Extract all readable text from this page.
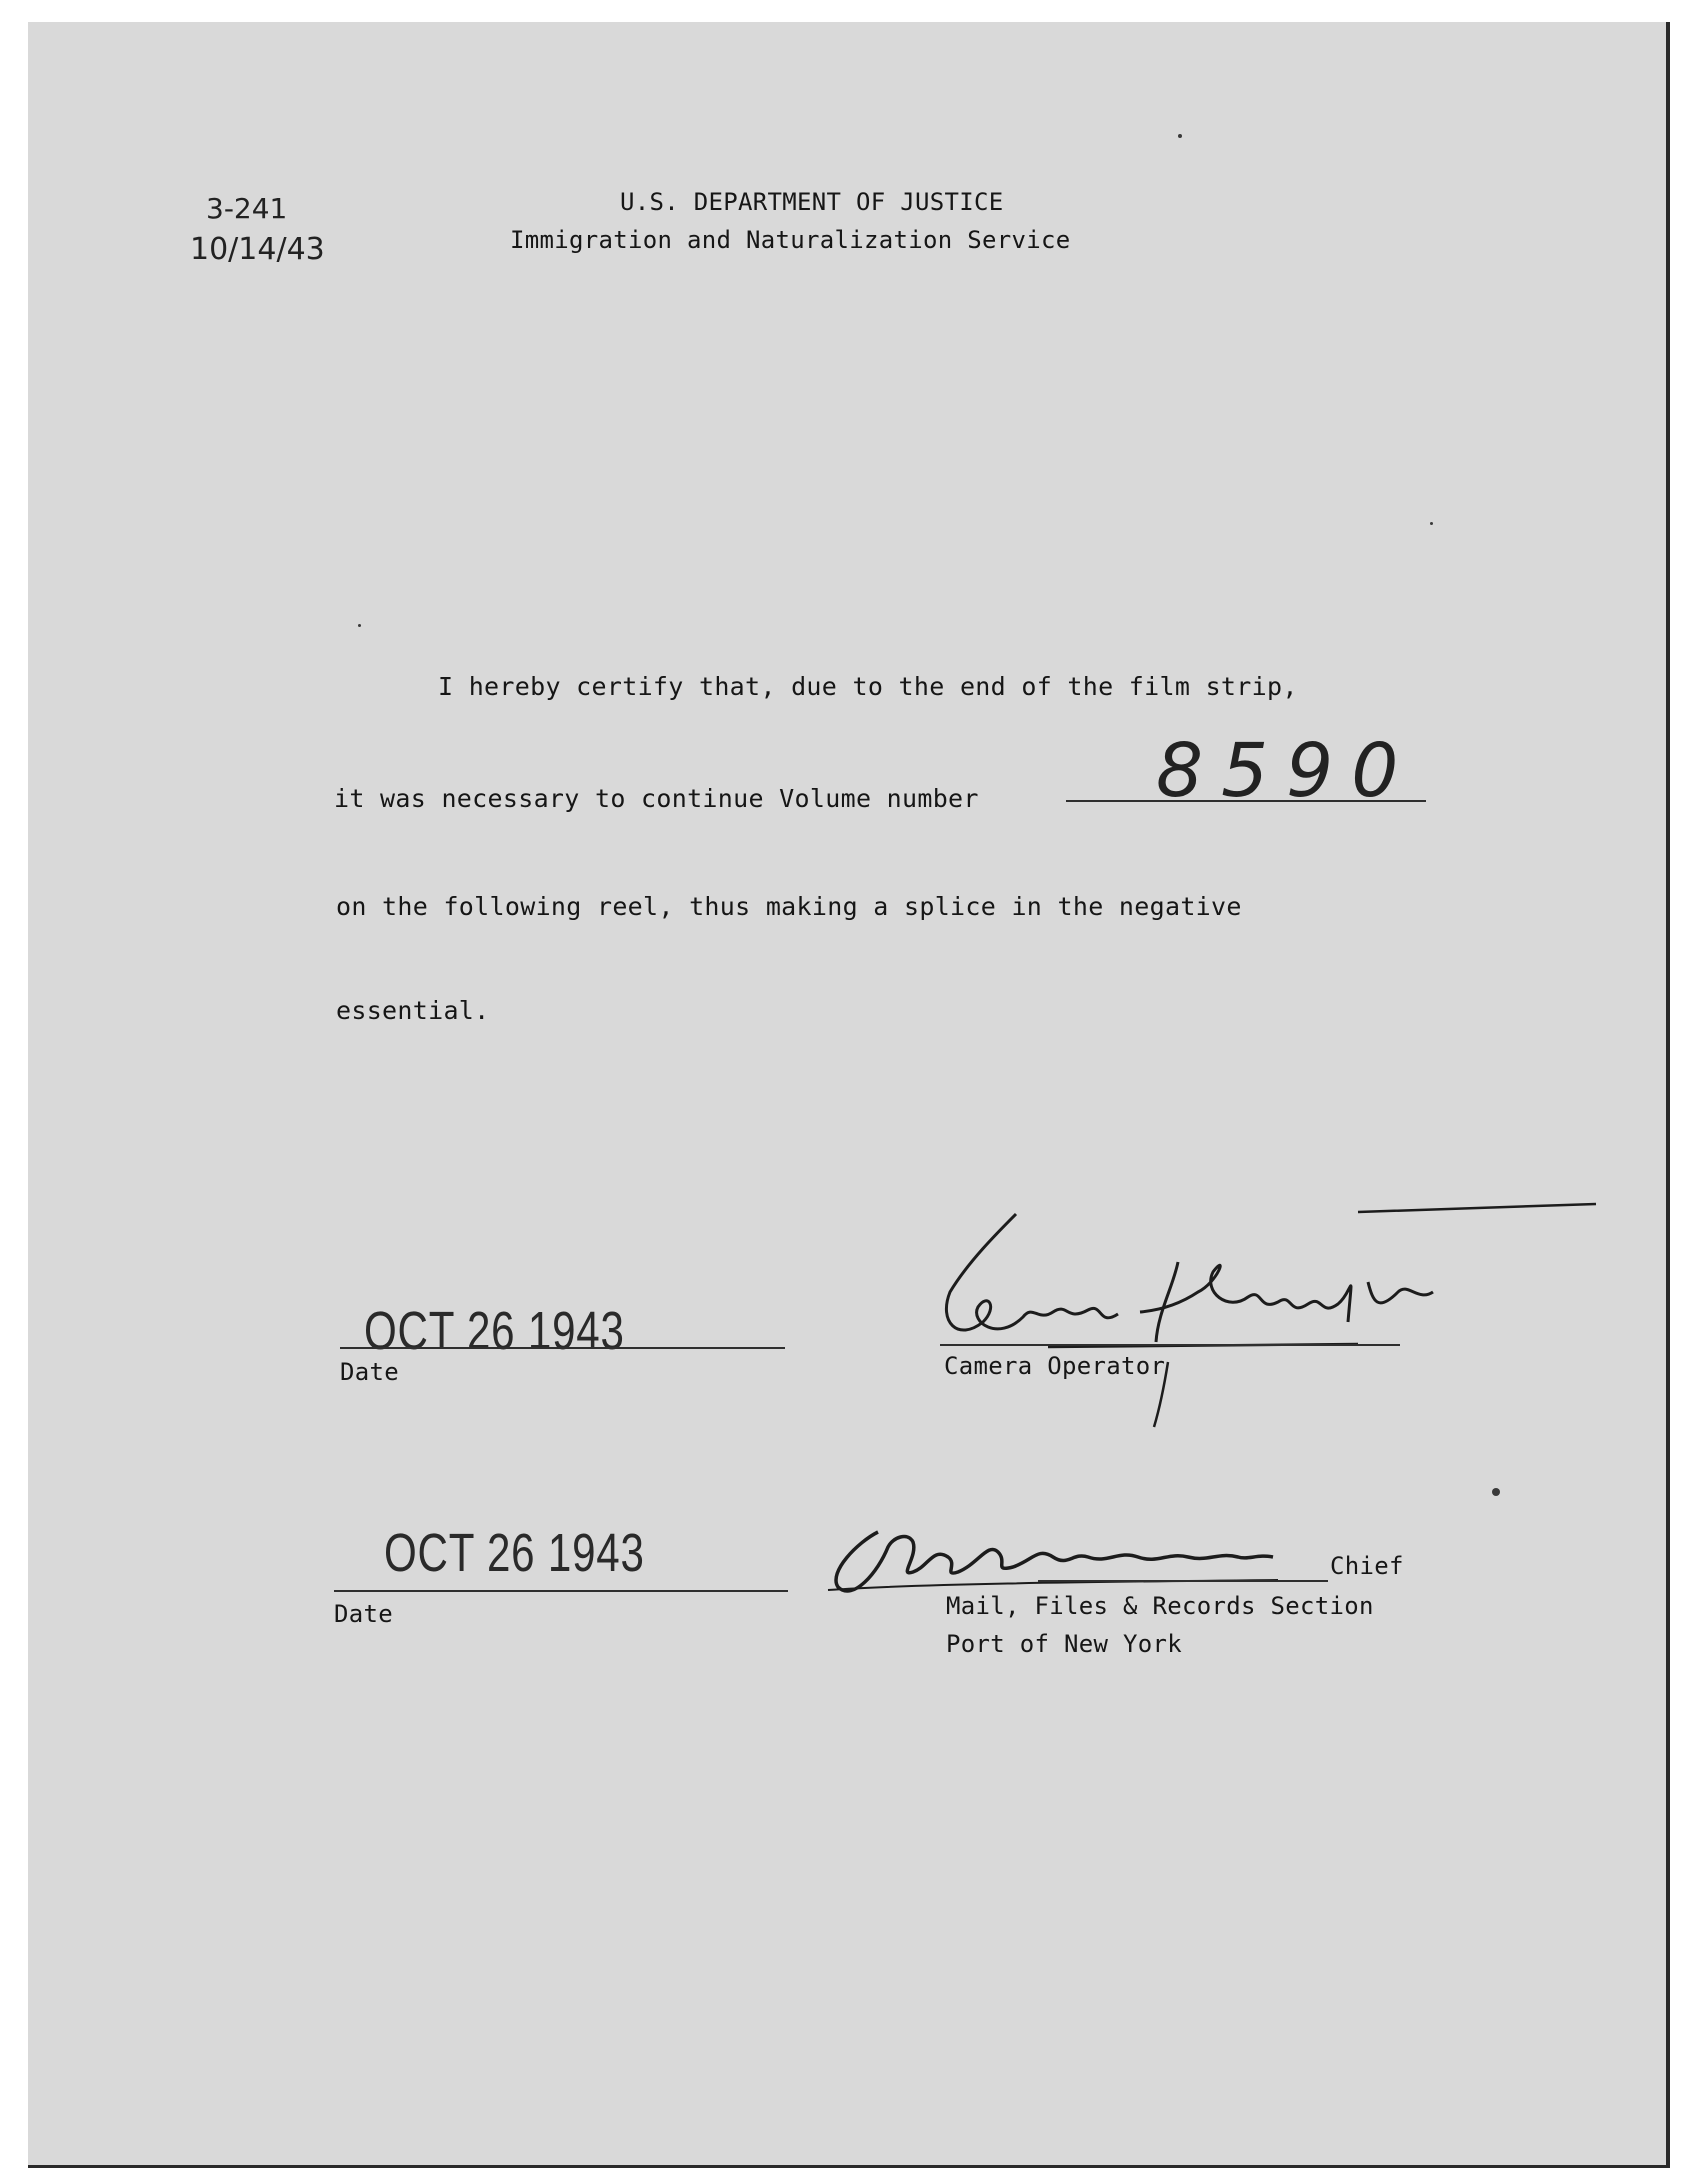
3-241
10/14/43
U.S. DEPARTMENT OF JUSTICE
Immigration and Naturalization Service
I hereby certify that, due to the end of the film strip,
it was necessary to continue Volume number 8590
on the following reel, thus making a splice in the negative
essential.
OCT 26 1943
Date	Camera Operator
OCT 26 1943
Date
Chief
Mail, Files & Records Section
Port of New York
